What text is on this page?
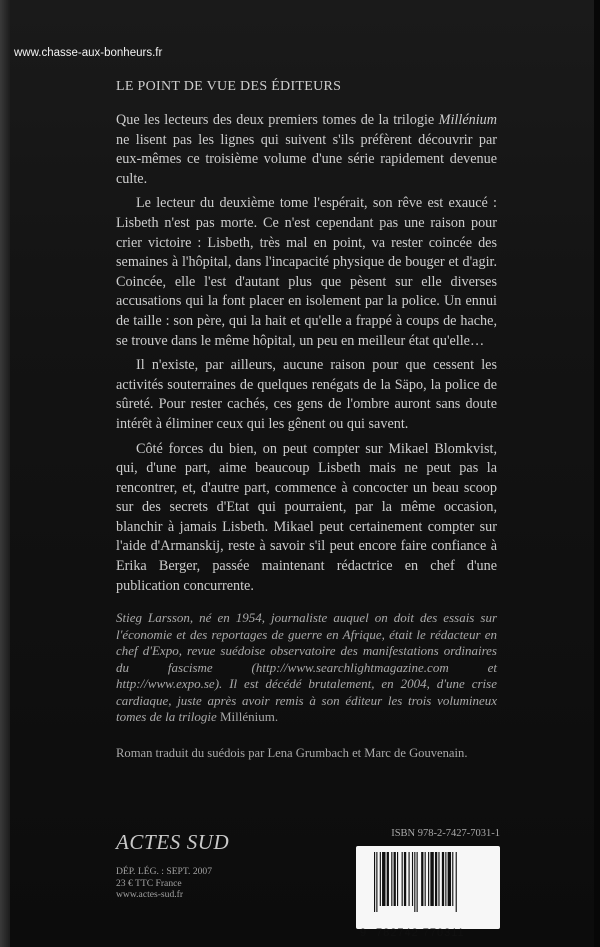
www.chasse-aux-bonheurs.fr
LE POINT DE VUE DES ÉDITEURS

Que les lecteurs des deux premiers tomes de la trilogie Millénium ne lisent pas les lignes qui suivent s'ils préfèrent découvrir par eux-mêmes ce troisième volume d'une série rapidement devenue culte.

Le lecteur du deuxième tome l'espérait, son rêve est exaucé : Lisbeth n'est pas morte. Ce n'est cependant pas une raison pour crier victoire : Lisbeth, très mal en point, va rester coincée des semaines à l'hôpital, dans l'incapacité physique de bouger et d'agir. Coincée, elle l'est d'autant plus que pèsent sur elle diverses accusations qui la font placer en isolement par la police. Un ennui de taille : son père, qui la hait et qu'elle a frappé à coups de hache, se trouve dans le même hôpital, un peu en meilleur état qu'elle…

Il n'existe, par ailleurs, aucune raison pour que cessent les activités souterraines de quelques renégats de la Säpo, la police de sûreté. Pour rester cachés, ces gens de l'ombre auront sans doute intérêt à éliminer ceux qui les gênent ou qui savent.

Côté forces du bien, on peut compter sur Mikael Blomkvist, qui, d'une part, aime beaucoup Lisbeth mais ne peut pas la rencontrer, et, d'autre part, commence à concocter un beau scoop sur des secrets d'Etat qui pourraient, par la même occasion, blanchir à jamais Lisbeth. Mikael peut certainement compter sur l'aide d'Armanskij, reste à savoir s'il peut encore faire confiance à Erika Berger, passée maintenant rédactrice en chef d'une publication concurrente.

Stieg Larsson, né en 1954, journaliste auquel on doit des essais sur l'économie et des reportages de guerre en Afrique, était le rédacteur en chef d'Expo, revue suédoise observatoire des manifestations ordinaires du fascisme (http://www.searchlightmagazine.com et http://www.expo.se). Il est décédé brutalement, en 2004, d'une crise cardiaque, juste après avoir remis à son éditeur les trois volumineux tomes de la trilogie Millénium.
Roman traduit du suédois par Lena Grumbach et Marc de Gouvenain.
ACTES SUD
DÉP. LÉG. : SEPT. 2007
23 € TTC France
www.actes-sud.fr
ISBN 978-2-7427-7031-1
9 782742 770311
